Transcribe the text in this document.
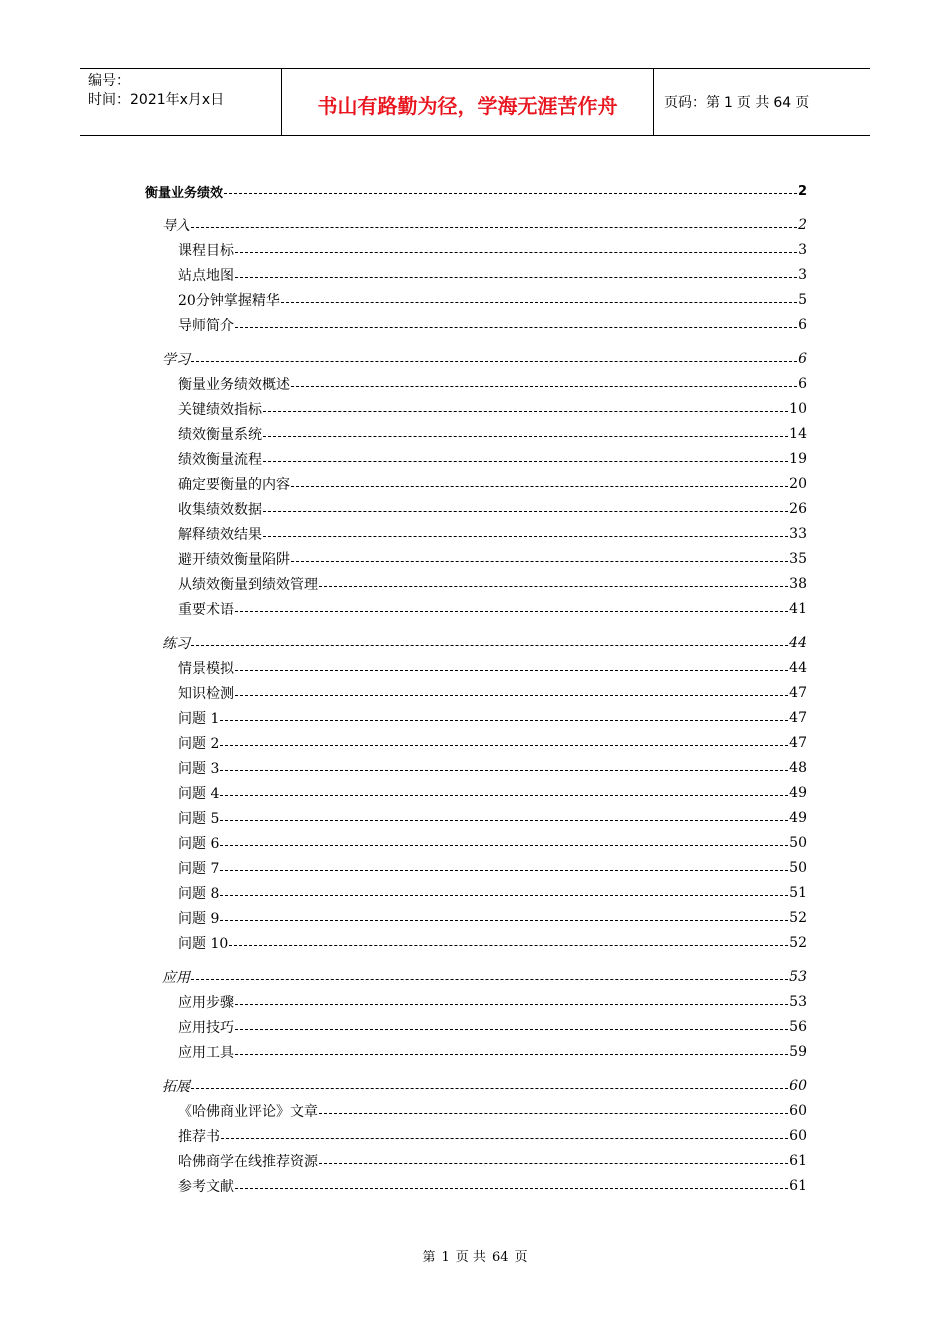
编号：
时间：2021年x月x日	书山有路勤为径，学海无涯苦作舟	页码：第 1 页 共 64 页
衡量业务绩效	2
导入	2
课程目标	3
站点地图	3
20分钟掌握精华	5
导师简介	6
学习	6
衡量业务绩效概述	6
关键绩效指标	10
绩效衡量系统	14
绩效衡量流程	19
确定要衡量的内容	20
收集绩效数据	26
解释绩效结果	33
避开绩效衡量陷阱	35
从绩效衡量到绩效管理	38
重要术语	41
练习	44
情景模拟	44
知识检测	47
问题 1	47
问题 2	47
问题 3	48
问题 4	49
问题 5	49
问题 6	50
问题 7	50
问题 8	51
问题 9	52
问题 10	52
应用	53
应用步骤	53
应用技巧	56
应用工具	59
拓展	60
《哈佛商业评论》文章	60
推荐书	60
哈佛商学在线推荐资源	61
参考文献	61
第 1 页 共 64 页
